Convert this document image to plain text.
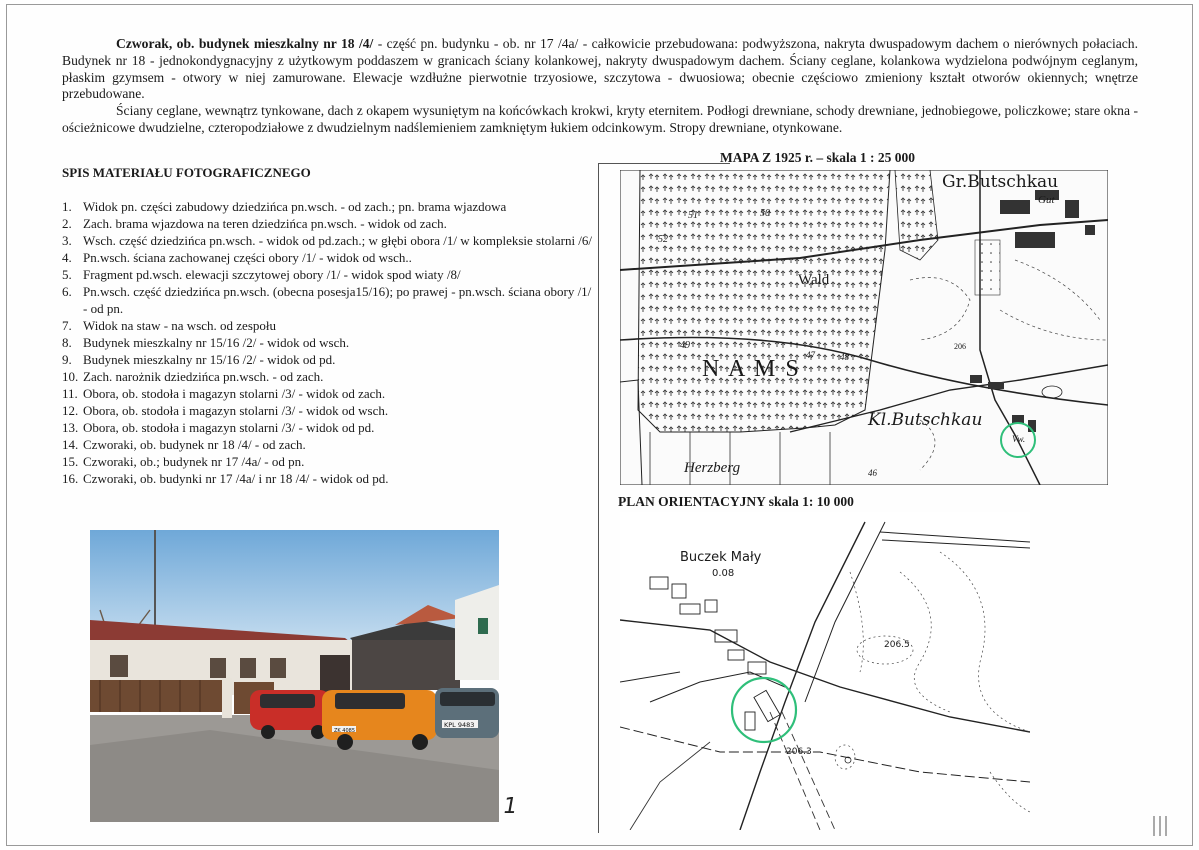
Czworak, ob. budynek mieszkalny nr 18 /4/ - część pn. budynku - ob. nr 17 /4a/ - całkowicie przebudowana: podwyższona, nakryta dwuspadowym dachem o nierównych połaciach. Budynek nr 18 - jednokondygnacyjny z użytkowym poddaszem w granicach ściany kolankowej, nakryty dwuspadowym dachem. Ściany ceglane, kolankowa wydzielona podwójnym ceglanym, płaskim gzymsem - otwory w niej zamurowane. Elewacje wzdłużne pierwotnie trzyosiowe, szczytowa - dwuosiowa; obecnie częściowo zmieniony kształt otworów okiennych; wnętrze przebudowane.

Ściany ceglane, wewnątrz tynkowane, dach z okapem wysuniętym na końcówkach krokwi, kryty eternitem. Podłogi drewniane, schody drewniane, jednobiegowe, policzkowe; stare okna - ościeżnicowe dwudzielne, czteropodziałowe z dwudzielnym nadślemieniem zamkniętym łukiem odcinkowym. Stropy drewniane, otynkowane.

SPIS MATERIAŁU FOTOGRAFICZNEGO
1. Widok pn. części zabudowy dziedzińca pn.wsch. - od zach.; pn. brama wjazdowa
2. Zach. brama wjazdowa na teren dziedzińca pn.wsch. - widok od zach.
3. Wsch. część dziedzińca pn.wsch. - widok od pd.zach.; w głębi obora /1/ w kompleksie stolarni /6/
4. Pn.wsch. ściana zachowanej części obory /1/ - widok od wsch..
5. Fragment pd.wsch. elewacji szczytowej obory /1/ - widok spod wiaty /8/
6. Pn.wsch. część dziedzińca pn.wsch. (obecna posesja15/16); po prawej - pn.wsch. ściana obory /1/ - od pn.
7. Widok na staw - na wsch. od zespołu
8. Budynek mieszkalny nr 15/16 /2/ - widok od wsch.
9. Budynek mieszkalny nr 15/16 /2/ - widok od pd.
10. Zach. narożnik dziedzińca pn.wsch. - od zach.
11. Obora, ob. stodoła i magazyn stolarni /3/ - widok od zach.
12. Obora, ob. stodoła i magazyn stolarni /3/ - widok od wsch.
13. Obora, ob. stodoła i magazyn stolarni /3/ - widok od pd.
14. Czworaki, ob. budynek nr 18 /4/ - od zach.
15. Czworaki, ob.; budynek nr 17 /4a/ - od pn.
16. Czworaki, ob. budynki nr 17 /4a/ i nr 18 /4/ - widok od pd.
MAPA Z 1925 r. – skala 1 : 25 000
Gr.Butschkau
Gut
Wald
N A M S
Kl.Butschkau
Herzberg
Vw.
51	50
52
49
47	48
46
206
PLAN ORIENTACYJNY skala 1: 10 000
Buczek Mały
0.08
206.5
206.3
ZK 4085
KPL 9483
1
